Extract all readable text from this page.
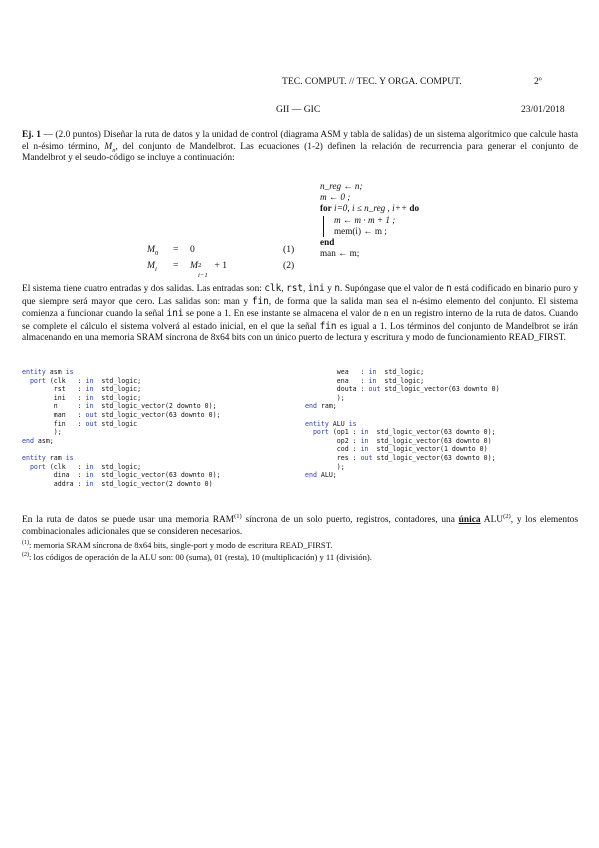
TEC. COMPUT. // TEC. Y ORGA. COMPUT.	2º
GII — GIC	23/01/2018
Ej. 1 — (2.0 puntos) Diseñar la ruta de datos y la unidad de control (diagrama ASM y tabla de salidas) de un sistema algorítmico que calcule hasta el n-ésimo término, $M_n$, del conjunto de Mandelbrot. Las ecuaciones (1-2) definen la relación de recurrencia para generar el conjunto de Mandelbrot y el seudo-código se incluye a continuación:
n_reg ← n;
m ← 0 ;
for i=0, i ≤ n_reg , i++ do
m ← m · m + 1 ;
mem(i) ← m ;
end
man ← m;
$M_0 = 0$	(1)
$M_i = M$ 2
i−1
+ 1	(2)
El sistema tiene cuatro entradas y dos salidas. Las entradas son: clk, rst, ini y n. Supóngase que el valor de n está codificado en binario puro y que siempre será mayor que cero. Las salidas son: man y fin, de forma que la salida man sea el n-ésimo elemento del conjunto. El sistema comienza a funcionar cuando la señal ini se pone a 1. En ese instante se almacena el valor de n en un registro interno de la ruta de datos. Cuando se complete el cálculo el sistema volverá al estado inicial, en el que la señal fin es igual a 1. Los términos del conjunto de Mandelbrot se irán almacenando en una memoria SRAM síncrona de 8x64 bits con un único puerto de lectura y escritura y modo de funcionamiento READ_FIRST.
entity asm is
port (clk   : in  std_logic;
rst   : in  std_logic;
ini   : in  std_logic;
n     : in  std_logic_vector(2 downto 0);
man   : out std_logic_vector(63 downto 0);
fin   : out std_logic
);
end asm;

entity ram is
port (clk   : in  std_logic;
dina  : in  std_logic_vector(63 downto 0);
addra : in  std_logic_vector(2 downto 0)
wea   : in  std_logic;
ena   : in  std_logic;
douta : out std_logic_vector(63 downto 0)
);
end ram;

entity ALU is
port (op1 : in  std_logic_vector(63 downto 0);
op2 : in  std_logic_vector(63 downto 0)
cod : in  std_logic_vector(1 downto 0)
res : out std_logic_vector(63 downto 0);
);
end ALU;
En la ruta de datos se puede usar una memoria RAM$^{(1)}$ síncrona de un solo puerto, registros, contadores, una única ALU$^{(2)}$, y los elementos combinacionales adicionales que se consideren necesarios.
$^{(1)}$: memoria SRAM síncrona de 8x64 bits, single-port y modo de escritura READ_FIRST.
$^{(2)}$: los códigos de operación de la ALU son: 00 (suma), 01 (resta), 10 (multiplicación) y 11 (división).
